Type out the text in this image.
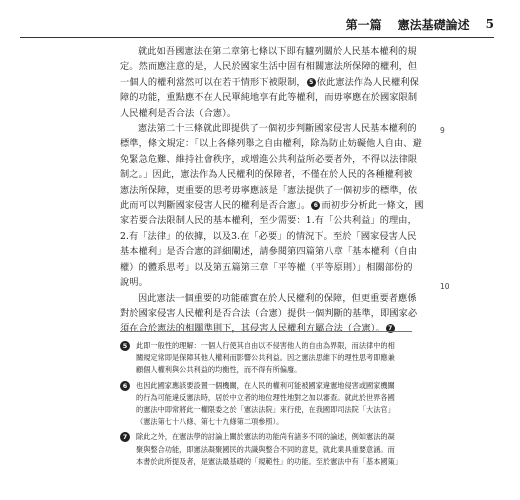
第一篇 憲法基礎論述 5

就此如吾國憲法在第二章第七條以下即有臚列關於人民基本權利的規
定。然而應注意的是，人民於國家生活中固有相關憲法所保障的權利，但
一個人的權利當然可以在若干情形下被限制， 5 依此憲法作為人民權利保
障的功能，重點應不在人民單純地享有此等權利，而毋寧應在於國家限制
人民權利是否合法（合憲）。

憲法第二十三條就此即提供了一個初步判斷國家侵害人民基本權利的
標準，條文規定：「以上各條列舉之自由權利，除為防止妨礙他人自由、避
免緊急危難、維持社會秩序，或增進公共利益所必要者外，不得以法律限
制之。」因此，憲法作為人民權利的保障者，不僅在於人民的各種權利被
憲法所保障，更重要的思考毋寧應該是「憲法提供了一個初步的標準，依
此而可以判斷國家侵害人民的權利是否合憲」。 6 而初步分析此一條文，國
家若要合法限制人民的基本權利，至少需要：1.有「公共利益」的理由，
2.有「法律」的依據，以及3.在「必要」的情況下。至於「國家侵害人民
基本權利」是否合憲的詳細闡述，請參閱第四篇第八章「基本權利（自由
權）的體系思考」以及第五篇第三章「平等權（平等原則）」相關部份的
說明。

因此憲法一個重要的功能確實在於人民權利的保障，但更重要者應係
對於國家侵害人民權利是否合法（合憲）提供一個判斷的基準，即國家必
須在合於憲法的相關準則下，其侵害人民權利方屬合法（合憲）。 7

9
10
5	此即一般性的理解：一個人行使其自由以不侵害他人的自由為界限，而法律中的相
關規定常即是保障其他人權利而影響公共利益。因之憲法思維下的理性思考即應兼
顧個人權利與公共利益的均衡性，而不得有所偏廢。
6	也因此國家應該要設置一個機關，在人民的權利可能被國家違憲地侵害或國家機關
的行為可能違反憲法時，居於中立者的地位理性地對之加以審查。就此於世界各國
的憲法中即常將此一權限委之於「憲法法院」來行使，在我國即司法院「大法官」
（憲法第七十八條、第七十九條第二項參照）。
7	除此之外，在憲法學的討論上關於憲法的功能尚有諸多不同的論述，例如憲法的凝
聚與整合功能，即憲法凝聚國民的共識與整合不同的意見，就此業具重要意涵。而
本書於此所提及者，是憲法最基礎的「規範性」的功能。至於憲法中有「基本國策」
